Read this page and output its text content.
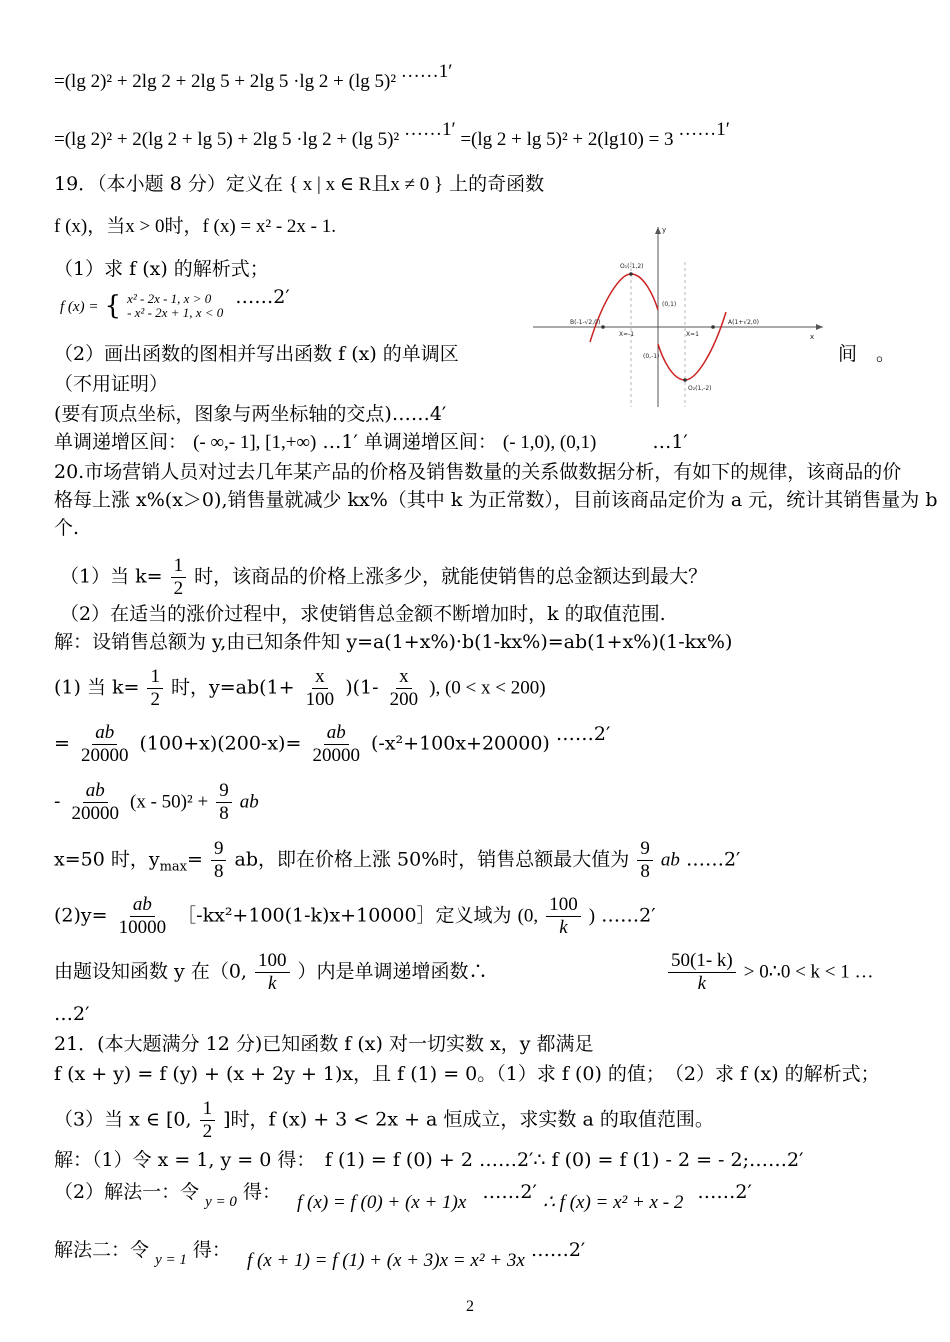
=(lg 2)² + 2lg 2 + 2lg 5 + 2lg 5 ·lg 2 + (lg 5)² ……1′
=(lg 2)² + 2(lg 2 + lg 5) + 2lg 5 ·lg 2 + (lg 5)² ……1′ =(lg 2 + lg 5)² + 2(lg10) = 3 ……1′
19．（本小题 8 分）定义在 { x | x ∈ R且x ≠ 0 } 上的奇函数
f (x)，当x > 0时，f (x) = x² - 2x - 1.
（1）求 f (x) 的解析式；
f (x) = { x² - 2x - 1, x > 0
- x² - 2x + 1, x < 0
……2′
（2）画出函数的图相并写出函数 f (x) 的单调区	间　。
（不用证明）
(要有顶点坐标，图象与两坐标轴的交点)……4′
单调递增区间： (- ∞,- 1], [1,+∞) …1′ 单调递增区间： (- 1,0), (0,1)	…1′
O₁(-1,2)
O₂(1,-2)
(0,1)
(0,-1)
B(-1-√2,0)	A(1+√2,0)
X=-1	X=1	x
y
20.市场营销人员对过去几年某产品的价格及销售数量的关系做数据分析，有如下的规律，该商品的价
格每上涨 x%(x＞0),销售量就减少 kx%（其中 k 为正常数），目前该商品定价为 a 元，统计其销售量为 b
个.
（1）当 $k= \frac{1}{2}$ 时，该商品的价格上涨多少，就能使销售的总金额达到最大？
（2）在适当的涨价过程中，求使销售总金额不断增加时，k 的取值范围.
解：设销售总额为 y,由已知条件知 y=a(1+x%)·b(1-kx%)=ab(1+x%)(1-kx%)
(1) 当 $k= \frac{1}{2}$ 时，$y=ab(1+ \frac{x}{100} )(1- \frac{x}{200}$ ), (0 < x < 200)
= $\frac{ab}{20000} (100+x)(200-x)= \frac{ab}{20000} (-x^2+100x+20000)$ ……2′
- $\frac{ab}{20000} (x - 50)^2 + \frac{9}{8}$ ab
x=50 时，$y_{max}= \frac{9}{8}$ ab，即在价格上涨 50%时，销售总额最大值为 $\frac{9}{8}$ ab ……2′
$(2)y= \frac{ab}{10000}$ ［-kx²+100(1-k)x+10000］定义域为 (0, $\frac{100}{k}$ ) ……2′
由题设知函数 y 在（0, $\frac{100}{k}$ ）内是单调递增函数∴	$\frac{50(1- k)}{k}$ > 0∴0 < k < 1 …
…2′
21．(本大题满分 12 分)已知函数 f (x) 对一切实数 x，y 都满足
f (x + y) = f (y) + (x + 2y + 1)x，且 f (1) = 0。（1）求 f (0) 的值；　（2）求 f (x) 的解析式；
（3）当 x ∈ [0, $\frac{1}{2}$ ]时，f (x) + 3 < 2x + a 恒成立，求实数 a 的取值范围。
解：（1）令 x = 1, y = 0 得：　f (1) = f (0) + 2 ……2′∴ f (0) = f (1) - 2 = - 2;……2′
（2）解法一：令 $_{y = 0}$ 得： f (x) = f (0) + (x + 1)x ……2′ ∴ f (x) = x² + x - 2 ……2′
解法二：令 $_{y = 1}$ 得： f (x + 1) = f (1) + (x + 3)x = x² + 3x ……2′
2
